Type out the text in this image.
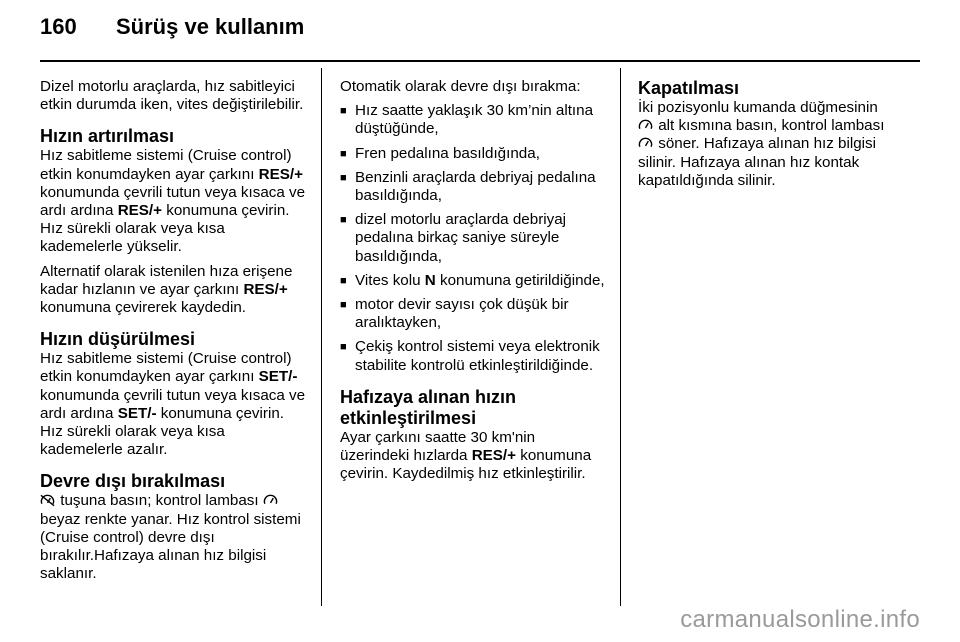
160	Sürüş ve kullanım

Dizel motorlu araçlarda, hız sabitleyici etkin durumda iken, vites değiştirilebilir.

Hızın artırılması

Hız sabitleme sistemi (Cruise control) etkin konumdayken ayar çarkını RES/+ konumunda çevrili tutun veya kısaca ve ardı ardına RES/+ konumuna çevirin. Hız sürekli olarak veya kısa kademelerle yükselir.

Alternatif olarak istenilen hıza erişene kadar hızlanın ve ayar çarkını RES/+ konumuna çevirerek kaydedin.

Hızın düşürülmesi

Hız sabitleme sistemi (Cruise control) etkin konumdayken ayar çarkını SET/- konumunda çevrili tutun veya kısaca ve ardı ardına SET/- konumuna çevirin. Hız sürekli olarak veya kısa kademelerle azalır.

Devre dışı bırakılması

tuşuna basın; kontrol lambası  beyaz renkte yanar. Hız kontrol sistemi (Cruise control) devre dışı bırakılır.Hafızaya alınan hız bilgisi saklanır.

Otomatik olarak devre dışı bırakma:

■ Hız saatte yaklaşık 30 km’nin altına düştüğünde,
■ Fren pedalına basıldığında,
■ Benzinli araçlarda debriyaj pedalına basıldığında,
■ dizel motorlu araçlarda debriyaj pedalına birkaç saniye süreyle basıldığında,
■ Vites kolu N konumuna getirildiğinde,
■ motor devir sayısı çok düşük bir aralıktayken,
■ Çekiş kontrol sistemi veya elektronik stabilite kontrolü etkinleştirildiğinde.
Hafızaya alınan hızın etkinleştirilmesi

Ayar çarkını saatte 30 km'nin üzerindeki hızlarda RES/+ konumuna çevirin. Kaydedilmiş hız etkinleştirilir.

Kapatılması

İki pozisyonlu kumanda düğmesinin
alt kısmına basın, kontrol lambası
söner. Hafızaya alınan hız bilgisi silinir. Hafızaya alınan hız kontak kapatıldığında silinir.

carmanualsonline.info
